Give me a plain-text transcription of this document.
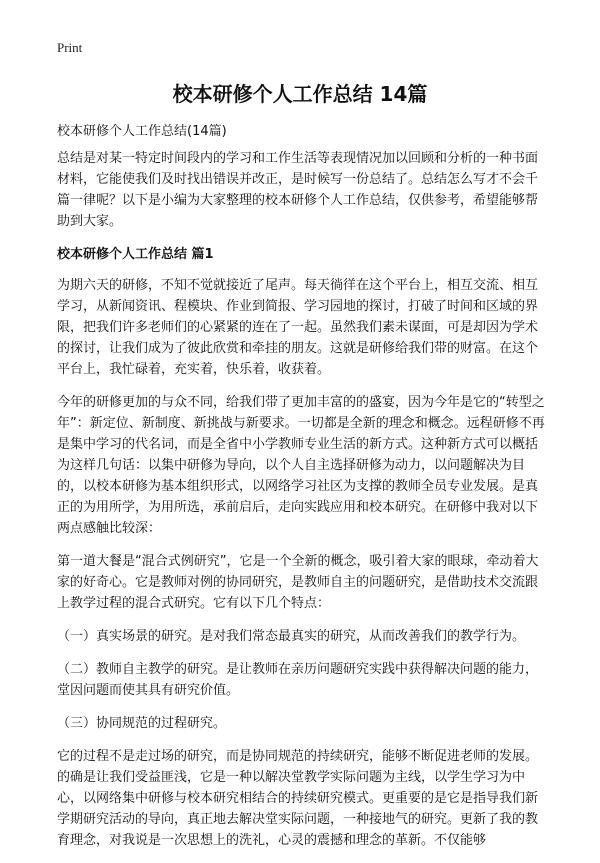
Print
校本研修个人工作总结 14篇
校本研修个人工作总结(14篇)

总结是对某一特定时间段内的学习和工作生活等表现情况加以回顾和分析的一种书面材料，它能使我们及时找出错误并改正，是时候写一份总结了。总结怎么写才不会千篇一律呢？以下是小编为大家整理的校本研修个人工作总结，仅供参考，希望能够帮助到大家。

校本研修个人工作总结 篇1

为期六天的研修，不知不觉就接近了尾声。每天徜徉在这个平台上，相互交流、相互学习，从新闻资讯、程模块、作业到简报、学习园地的探讨，打破了时间和区域的界限，把我们许多老师们的心紧紧的连在了一起。虽然我们素未谋面，可是却因为学术的探讨，让我们成为了彼此欣赏和牵挂的朋友。这就是研修给我们带的财富。在这个平台上，我忙碌着，充实着，快乐着，收获着。

今年的研修更加的与众不同，给我们带了更加丰富的的盛宴，因为今年是它的“转型之年”：新定位、新制度、新挑战与新要求。一切都是全新的理念和概念。远程研修不再是集中学习的代名词，而是全省中小学教师专业生活的新方式。这种新方式可以概括为这样几句话：以集中研修为导向，以个人自主选择研修为动力，以问题解决为目的，以校本研修为基本组织形式，以网络学习社区为支撑的教师全员专业发展。是真正的为用所学，为用所选，承前启后，走向实践应用和校本研究。在研修中我对以下两点感触比较深：

第一道大餐是“混合式例研究”，它是一个全新的概念，吸引着大家的眼球，牵动着大家的好奇心。它是教师对例的协同研究，是教师自主的问题研究，是借助技术交流跟上教学过程的混合式研究。它有以下几个特点：

（一）真实场景的研究。是对我们常态最真实的研究，从而改善我们的教学行为。

（二）教师自主教学的研究。是让教师在亲历问题研究实践中获得解决问题的能力，堂因问题而使其具有研究价值。

（三）协同规范的过程研究。

它的过程不是走过场的研究，而是协同规范的持续研究，能够不断促进老师的发展。的确是让我们受益匪浅，它是一种以解决堂教学实际问题为主线，以学生学习为中心，以网络集中研修与校本研究相结合的持续研究模式。更重要的是它是指导我们新学期研究活动的导向，真正地去解决堂实际问题，一种接地气的研究。更新了我的教育理念，对我说是一次思想上的洗礼，心灵的震撼和理念的革新。不仅能够
